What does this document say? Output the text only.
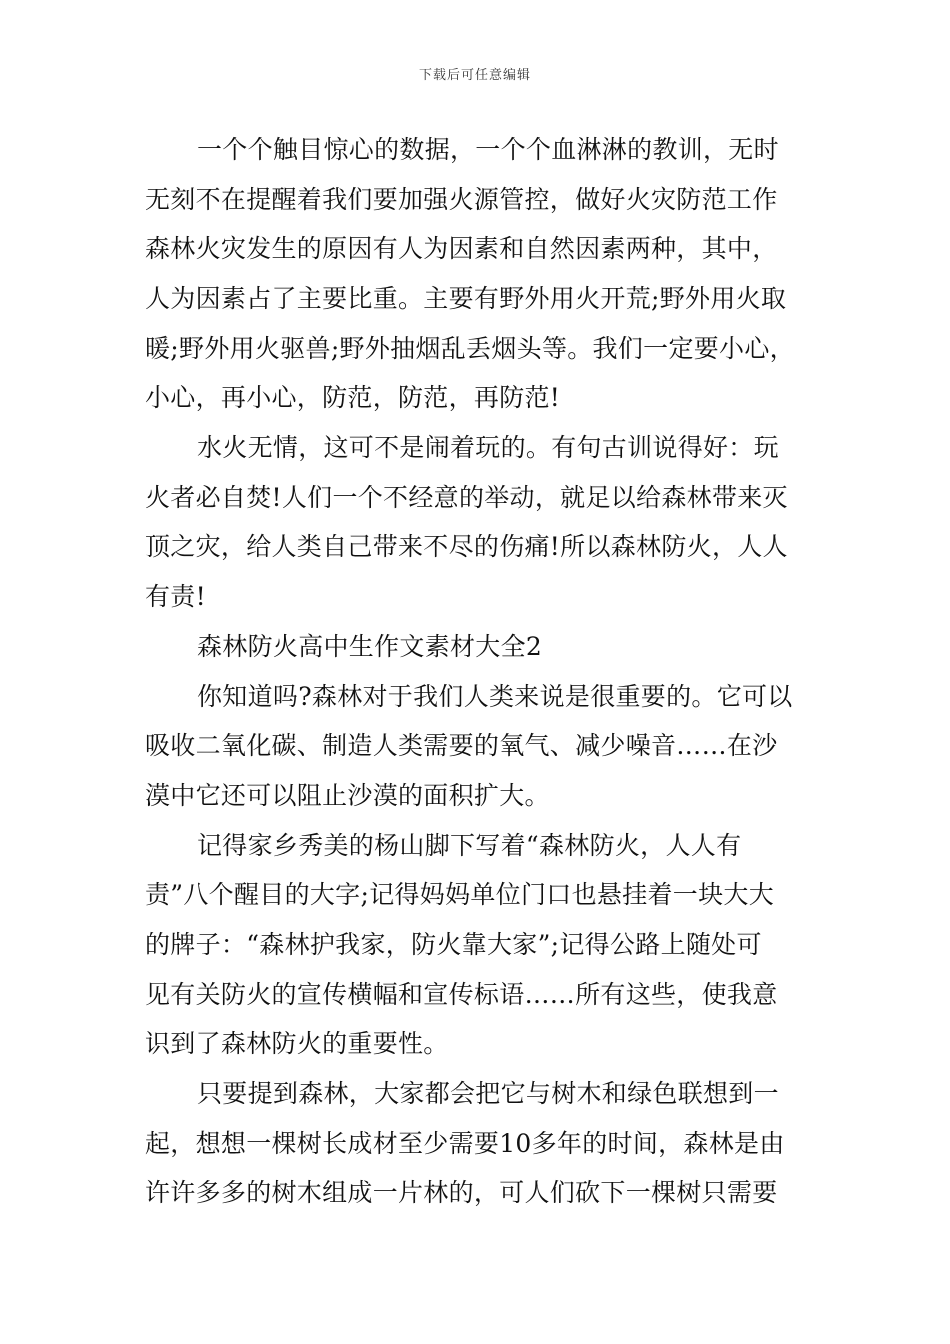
下载后可任意编辑
一个个触目惊心的数据，一个个血淋淋的教训，无时
无刻不在提醒着我们要加强火源管控，做好火灾防范工作
森林火灾发生的原因有人为因素和自然因素两种，其中，
人为因素占了主要比重。主要有野外用火开荒;野外用火取
暖;野外用火驱兽;野外抽烟乱丢烟头等。我们一定要小心，
小心，再小心，防范，防范，再防范!
水火无情，这可不是闹着玩的。有句古训说得好：玩
火者必自焚!人们一个不经意的举动，就足以给森林带来灭
顶之灾，给人类自己带来不尽的伤痛!所以森林防火，人人
有责!
森林防火高中生作文素材大全2
你知道吗?森林对于我们人类来说是很重要的。它可以
吸收二氧化碳、制造人类需要的氧气、减少噪音……在沙
漠中它还可以阻止沙漠的面积扩大。
记得家乡秀美的杨山脚下写着“森林防火，人人有
责”八个醒目的大字;记得妈妈单位门口也悬挂着一块大大
的牌子：“森林护我家，防火靠大家”;记得公路上随处可
见有关防火的宣传横幅和宣传标语……所有这些，使我意
识到了森林防火的重要性。
只要提到森林，大家都会把它与树木和绿色联想到一
起，想想一棵树长成材至少需要10多年的时间，森林是由
许许多多的树木组成一片林的，可人们砍下一棵树只需要
